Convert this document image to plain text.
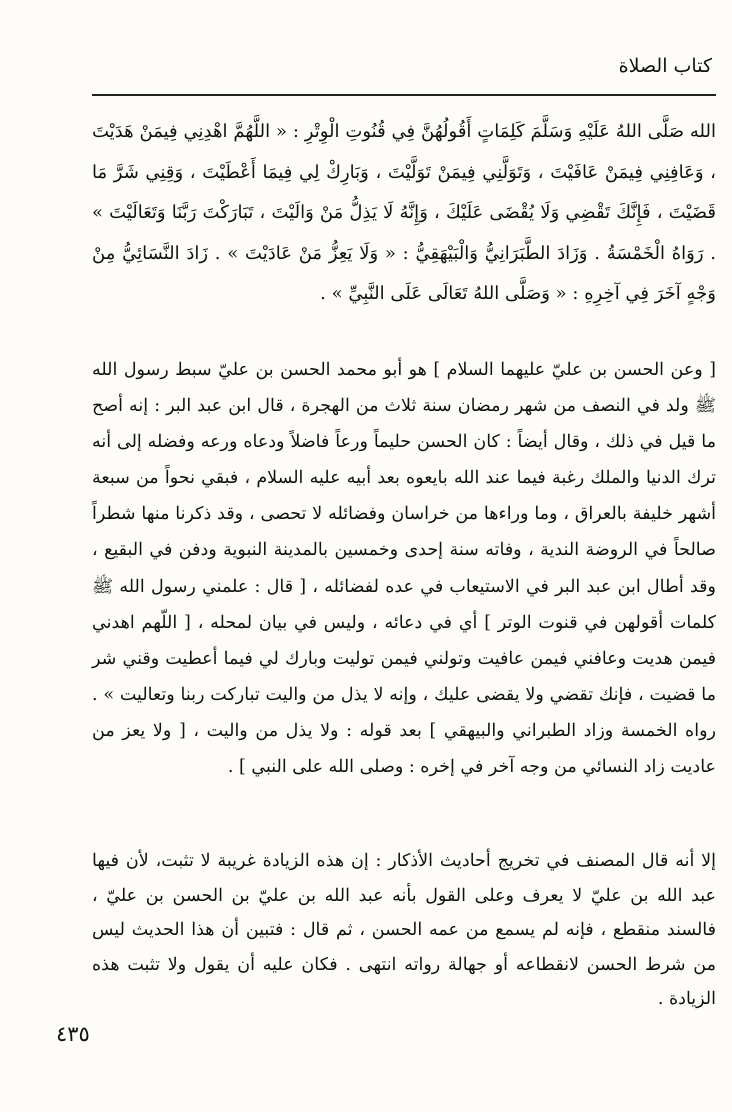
كتاب الصلاة

الله صَلَّى اللهُ عَلَيْهِ وَسَلَّمَ كَلِمَاتٍ أَقُولُهُنَّ فِي قُنُوتِ الْوِتْرِ : « اللَّهُمَّ اهْدِنِي فِيمَنْ هَدَيْتَ ، وَعَافِنِي فِيمَنْ عَافَيْتَ ، وَتَوَلَّنِي فِيمَنْ تَوَلَّيْتَ ، وَبَارِكْ لِي فِيمَا أَعْطَيْتَ ، وَقِنِي شَرَّ مَا قَضَيْتَ ، فَإِنَّكَ تَقْضِي وَلَا يُقْضَى عَلَيْكَ ، وَإِنَّهُ لَا يَذِلُّ مَنْ وَالَيْتَ ، تَبَارَكْتَ رَبَّنَا وَتَعَالَيْتَ » . رَوَاهُ الْخَمْسَةُ . وَزَادَ الطَّبَرَانِيُّ وَالْبَيْهَقِيُّ : « وَلَا يَعِزُّ مَنْ عَادَيْتَ » . زَادَ النَّسَائِيُّ مِنْ وَجْهٍ آخَرَ فِي آخِرِهِ : « وَصَلَّى اللهُ تَعَالَى عَلَى النَّبِيِّ » .

[ وعن الحسن بن عليّ عليهما السلام ] هو أبو محمد الحسن بن عليّ سبط رسول الله ﷺ ولد في النصف من شهر رمضان سنة ثلاث من الهجرة ، قال ابن عبد البر : إنه أصح ما قيل في ذلك ، وقال أيضاً : كان الحسن حليماً ورعاً فاضلاً ودعاه ورعه وفضله إلى أنه ترك الدنيا والملك رغبة فيما عند الله بايعوه بعد أبيه عليه السلام ، فبقي نحواً من سبعة أشهر خليفة بالعراق ، وما وراءها من خراسان وفضائله لا تحصى ، وقد ذكرنا منها شطراً صالحاً في الروضة الندية ، وفاته سنة إحدى وخمسين بالمدينة النبوية ودفن في البقيع ، وقد أطال ابن عبد البر في الاستيعاب في عده لفضائله ، [ قال : علمني رسول الله ﷺ كلمات أقولهن في قنوت الوتر ] أي في دعائه ، وليس في بيان لمحله ، [ اللّهم اهدني فيمن هديت وعافني فيمن عافيت وتولني فيمن توليت وبارك لي فيما أعطيت وقني شر ما قضيت ، فإنك تقضي ولا يقضى عليك ، وإنه لا يذل من واليت تباركت ربنا وتعاليت » . رواه الخمسة وزاد الطبراني والبيهقي ] بعد قوله : ولا يذل من واليت ، [ ولا يعز من عاديت زاد النسائي من وجه آخر في إخره : وصلى الله على النبي ] .

إلا أنه قال المصنف في تخريج أحاديث الأذكار : إن هذه الزيادة غريبة لا تثبت، لأن فيها عبد الله بن عليّ لا يعرف وعلى القول بأنه عبد الله بن عليّ بن الحسن بن عليّ ، فالسند منقطع ، فإنه لم يسمع من عمه الحسن ، ثم قال : فتبين أن هذا الحديث ليس من شرط الحسن لانقطاعه أو جهالة رواته انتهى . فكان عليه أن يقول ولا تثبت هذه الزيادة .

٤٣٥
